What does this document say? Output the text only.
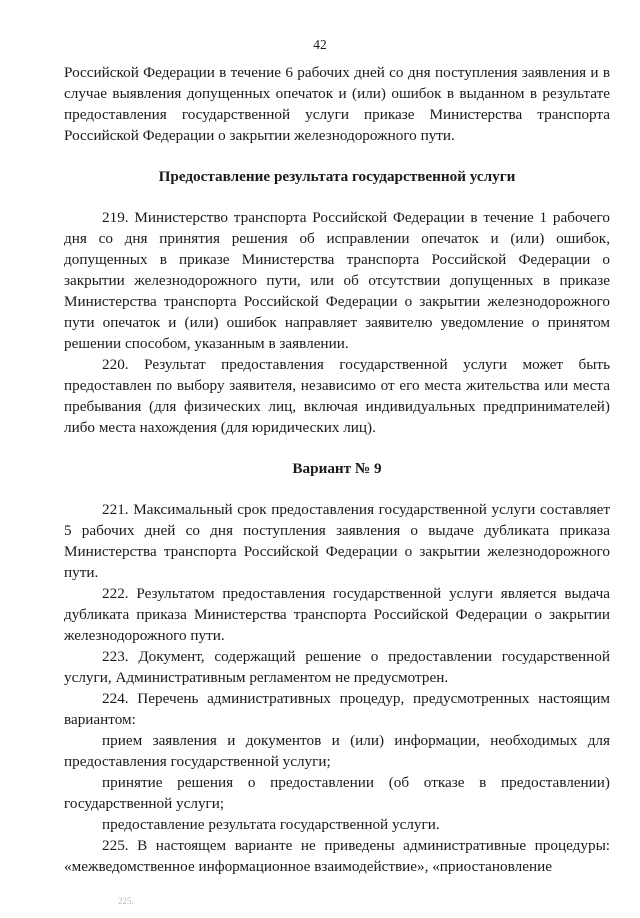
42

Российской Федерации в течение 6 рабочих дней со дня поступления заявления и в случае выявления допущенных опечаток и (или) ошибок в выданном в результате предоставления государственной услуги приказе Министерства транспорта Российской Федерации о закрытии железнодорожного пути.

Предоставление результата государственной услуги

219. Министерство транспорта Российской Федерации в течение 1 рабочего дня со дня принятия решения об исправлении опечаток и (или) ошибок, допущенных в приказе Министерства транспорта Российской Федерации о закрытии железнодорожного пути, или об отсутствии допущенных в приказе Министерства транспорта Российской Федерации о закрытии железнодорожного пути опечаток и (или) ошибок направляет заявителю уведомление о принятом решении способом, указанным в заявлении.

220. Результат предоставления государственной услуги может быть предоставлен по выбору заявителя, независимо от его места жительства или места пребывания (для физических лиц, включая индивидуальных предпринимателей) либо места нахождения (для юридических лиц).

Вариант № 9

221. Максимальный срок предоставления государственной услуги составляет 5 рабочих дней со дня поступления заявления о выдаче дубликата приказа Министерства транспорта Российской Федерации о закрытии железнодорожного пути.

222. Результатом предоставления государственной услуги является выдача дубликата приказа Министерства транспорта Российской Федерации о закрытии железнодорожного пути.

223. Документ, содержащий решение о предоставлении государственной услуги, Административным регламентом не предусмотрен.

224. Перечень административных процедур, предусмотренных настоящим вариантом:

прием заявления и документов и (или) информации, необходимых для предоставления государственной услуги;

принятие решения о предоставлении (об отказе в предоставлении) государственной услуги;

предоставление результата государственной услуги.

225. В настоящем варианте не приведены административные процедуры: «межведомственное информационное взаимодействие», «приостановление

225.
